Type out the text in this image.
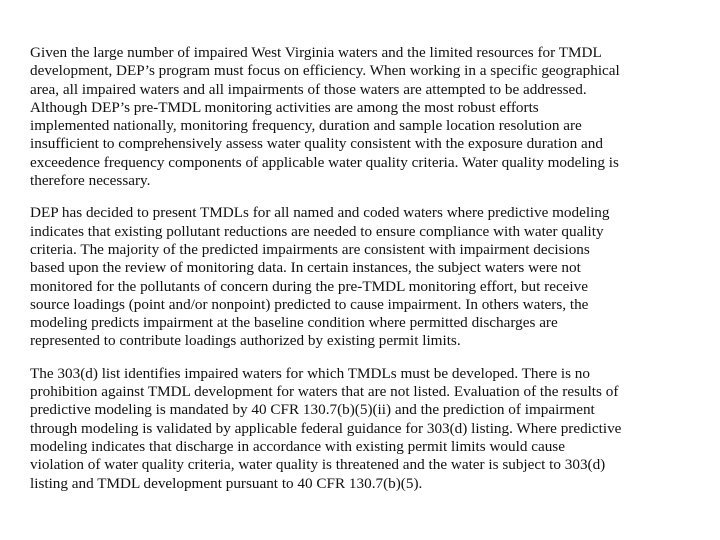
Given the large number of impaired West Virginia waters and the limited resources for TMDL
development, DEP’s program must focus on efficiency. When working in a specific geographical
area, all impaired waters and all impairments of those waters are attempted to be addressed.
Although DEP’s pre-TMDL monitoring activities are among the most robust efforts
implemented nationally, monitoring frequency, duration and sample location resolution are
insufficient to comprehensively assess water quality consistent with the exposure duration and
exceedence frequency components of applicable water quality criteria. Water quality modeling is
therefore necessary.
DEP has decided to present TMDLs for all named and coded waters where predictive modeling
indicates that existing pollutant reductions are needed to ensure compliance with water quality
criteria. The majority of the predicted impairments are consistent with impairment decisions
based upon the review of monitoring data. In certain instances, the subject waters were not
monitored for the pollutants of concern during the pre-TMDL monitoring effort, but receive
source loadings (point and/or nonpoint) predicted to cause impairment. In others waters, the
modeling predicts impairment at the baseline condition where permitted discharges are
represented to contribute loadings authorized by existing permit limits.
The 303(d) list identifies impaired waters for which TMDLs must be developed. There is no
prohibition against TMDL development for waters that are not listed. Evaluation of the results of
predictive modeling is mandated by 40 CFR 130.7(b)(5)(ii) and the prediction of impairment
through modeling is validated by applicable federal guidance for 303(d) listing. Where predictive
modeling indicates that discharge in accordance with existing permit limits would cause
violation of water quality criteria, water quality is threatened and the water is subject to 303(d)
listing and TMDL development pursuant to 40 CFR 130.7(b)(5).
